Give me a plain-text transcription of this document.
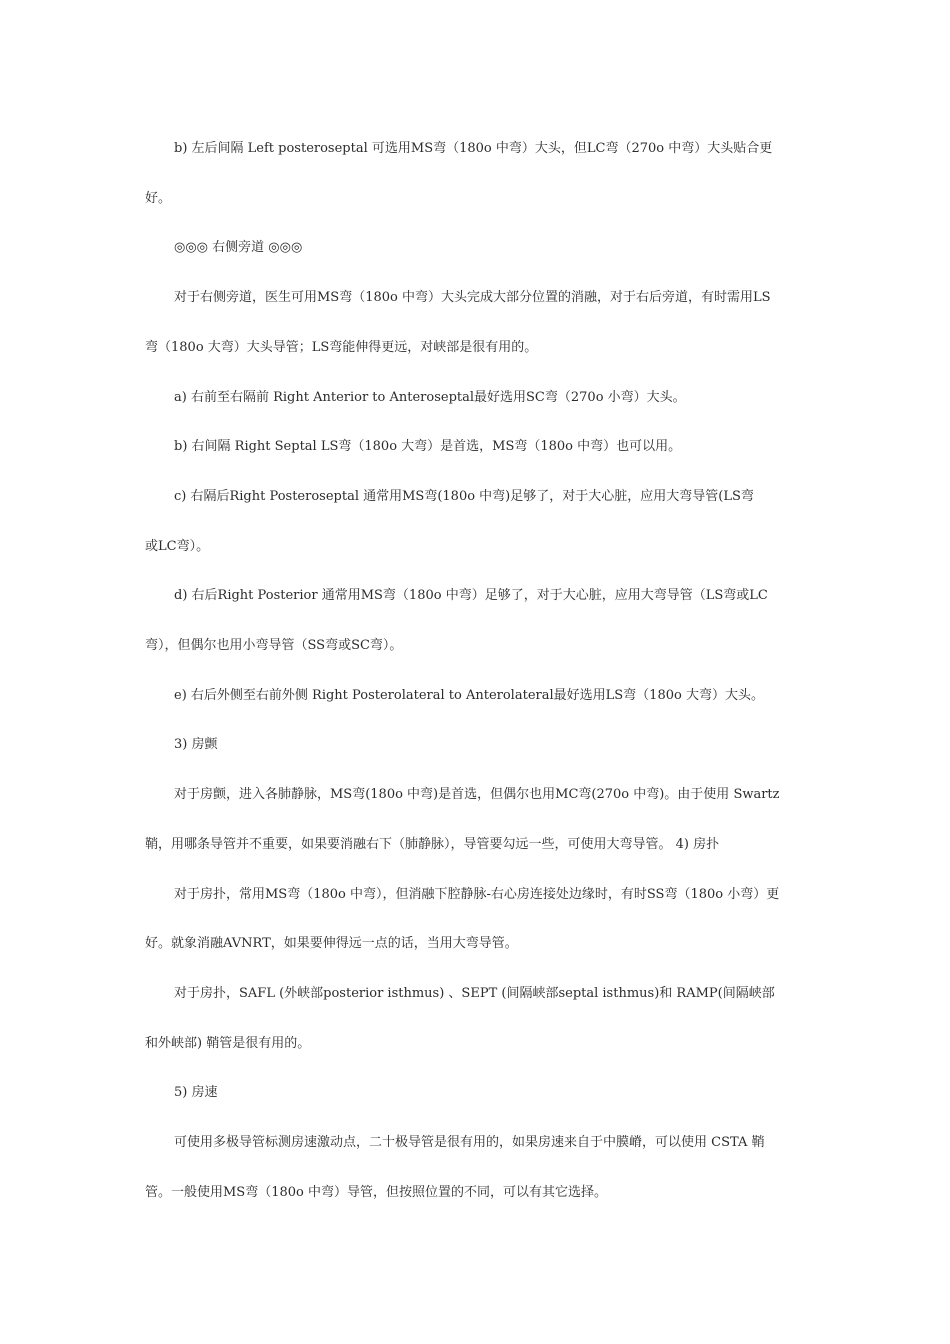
b) 左后间隔 Left posteroseptal 可选用MS弯（180o 中弯）大头，但LC弯（270o 中弯）大头贴合更

好。

◎◎◎ 右侧旁道 ◎◎◎

对于右侧旁道，医生可用MS弯（180o 中弯）大头完成大部分位置的消融，对于右后旁道，有时需用LS

弯（180o 大弯）大头导管；LS弯能伸得更远，对峡部是很有用的。

a) 右前至右隔前 Right Anterior to Anteroseptal最好选用SC弯（270o 小弯）大头。

b) 右间隔 Right Septal LS弯（180o 大弯）是首选，MS弯（180o 中弯）也可以用。

c) 右隔后Right Posteroseptal 通常用MS弯(180o 中弯)足够了，对于大心脏，应用大弯导管(LS弯

或LC弯）。

d) 右后Right Posterior 通常用MS弯（180o 中弯）足够了，对于大心脏，应用大弯导管（LS弯或LC

弯），但偶尔也用小弯导管（SS弯或SC弯）。

e) 右后外侧至右前外侧 Right Posterolateral to Anterolateral最好选用LS弯（180o 大弯）大头。

3) 房颤

对于房颤，进入各肺静脉，MS弯(180o 中弯)是首选，但偶尔也用MC弯(270o 中弯)。由于使用 Swartz

鞘，用哪条导管并不重要，如果要消融右下（肺静脉），导管要勾远一些，可使用大弯导管。 4) 房扑

对于房扑，常用MS弯（180o 中弯），但消融下腔静脉-右心房连接处边缘时，有时SS弯（180o 小弯）更

好。就象消融AVNRT，如果要伸得远一点的话，当用大弯导管。

对于房扑，SAFL (外峡部posterior isthmus) 、SEPT (间隔峡部septal isthmus)和 RAMP(间隔峡部

和外峡部) 鞘管是很有用的。

5) 房速

可使用多极导管标测房速激动点，二十极导管是很有用的，如果房速来自于中膜嵴，可以使用 CSTA 鞘

管。一般使用MS弯（180o 中弯）导管，但按照位置的不同，可以有其它选择。
